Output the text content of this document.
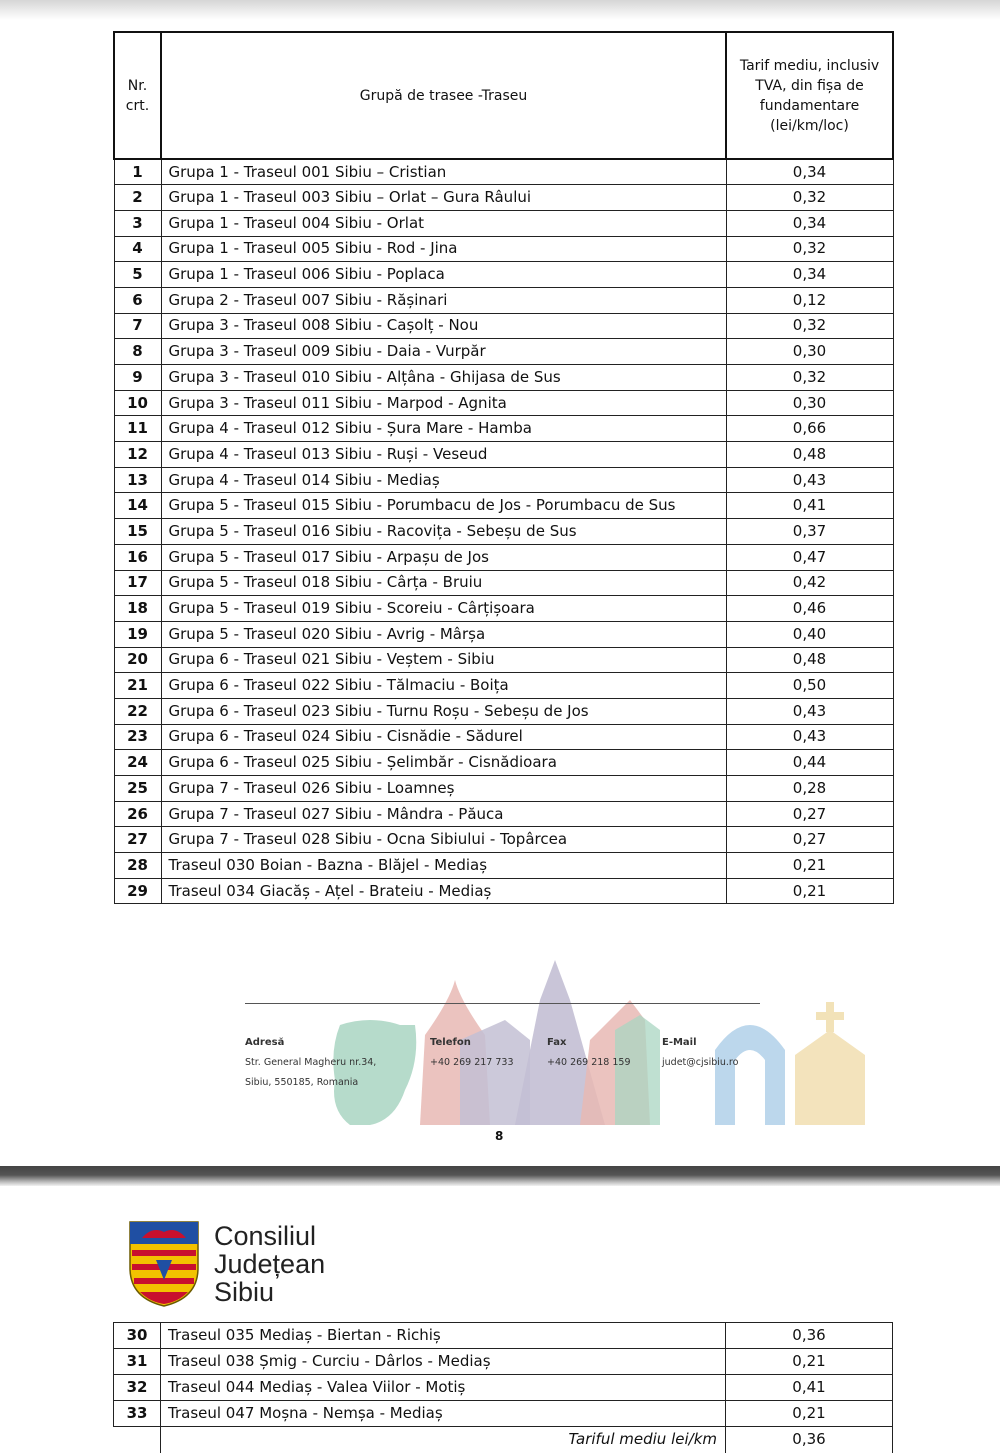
Nr. crt.	Grupă de trasee -Traseu	Tarif mediu, inclusiv TVA, din fișa de fundamentare (lei/km/loc)
1	Grupa 1 - Traseul 001 Sibiu – Cristian	0,34
2	Grupa 1 - Traseul 003 Sibiu – Orlat – Gura Râului	0,32
3	Grupa 1 - Traseul 004 Sibiu - Orlat	0,34
4	Grupa 1 - Traseul 005 Sibiu - Rod - Jina	0,32
5	Grupa 1 - Traseul 006 Sibiu - Poplaca	0,34
6	Grupa 2 - Traseul 007 Sibiu - Rășinari	0,12
7	Grupa 3 - Traseul 008 Sibiu - Cașolț - Nou	0,32
8	Grupa 3 - Traseul 009 Sibiu - Daia - Vurpăr	0,30
9	Grupa 3 - Traseul 010 Sibiu - Alțâna - Ghijasa de Sus	0,32
10	Grupa 3 - Traseul 011 Sibiu - Marpod - Agnita	0,30
11	Grupa 4 - Traseul 012 Sibiu - Șura Mare - Hamba	0,66
12	Grupa 4 - Traseul 013 Sibiu - Ruși - Veseud	0,48
13	Grupa 4 - Traseul 014 Sibiu - Mediaș	0,43
14	Grupa 5 - Traseul 015 Sibiu - Porumbacu de Jos - Porumbacu de Sus	0,41
15	Grupa 5 - Traseul 016 Sibiu - Racovița - Sebeșu de Sus	0,37
16	Grupa 5 - Traseul 017 Sibiu - Arpașu de Jos	0,47
17	Grupa 5 - Traseul 018 Sibiu - Cârța - Bruiu	0,42
18	Grupa 5 - Traseul 019 Sibiu - Scoreiu - Cârțișoara	0,46
19	Grupa 5 - Traseul 020 Sibiu - Avrig - Mârșa	0,40
20	Grupa 6 - Traseul 021 Sibiu - Veștem - Sibiu	0,48
21	Grupa 6 - Traseul 022 Sibiu - Tălmaciu - Boița	0,50
22	Grupa 6 - Traseul 023 Sibiu - Turnu Roșu - Sebeșu de Jos	0,43
23	Grupa 6 - Traseul 024 Sibiu - Cisnădie - Sădurel	0,43
24	Grupa 6 - Traseul 025 Sibiu - Șelimbăr - Cisnădioara	0,44
25	Grupa 7 - Traseul 026 Sibiu - Loamneș	0,28
26	Grupa 7 - Traseul 027 Sibiu - Mândra - Păuca	0,27
27	Grupa 7 - Traseul 028 Sibiu - Ocna Sibiului - Topârcea	0,27
28	Traseul 030 Boian - Bazna - Blăjel - Mediaș	0,21
29	Traseul 034 Giacăș - Ațel - Brateiu - Mediaș	0,21
Adresă
Str. General Magheru nr.34,
Sibiu, 550185, Romania
Telefon
+40 269 217 733
Fax
+40 269 218 159
E-Mail
judet@cjsibiu.ro
8
Consiliul
Județean
Sibiu
30	Traseul 035 Mediaș - Biertan - Richiș	0,36
31	Traseul 038 Șmig - Curciu - Dârlos - Mediaș	0,21
32	Traseul 044 Mediaș - Valea Viilor - Motiș	0,41
33	Traseul 047 Moșna - Nemșa - Mediaș	0,21
	Tariful mediu lei/km	0,36
